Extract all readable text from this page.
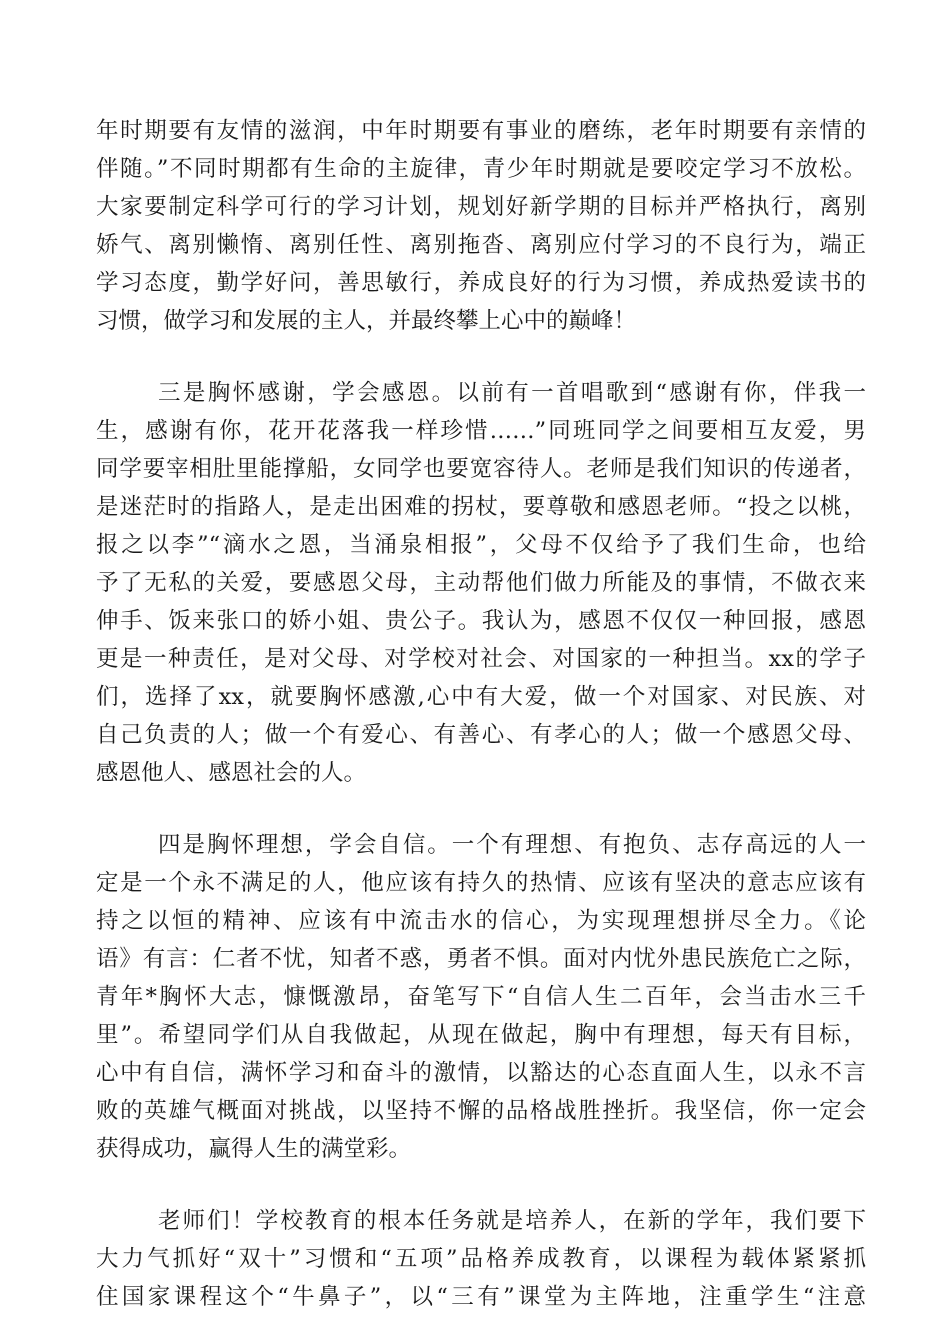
年时期要有友情的滋润，中年时期要有事业的磨练，老年时期要有亲情的
伴随。”不同时期都有生命的主旋律，青少年时期就是要咬定学习不放松。
大家要制定科学可行的学习计划，规划好新学期的目标并严格执行，离别
娇气、离别懒惰、离别任性、离别拖沓、离别应付学习的不良行为，端正
学习态度，勤学好问，善思敏行，养成良好的行为习惯，养成热爱读书的
习惯，做学习和发展的主人，并最终攀上心中的巅峰！
三是胸怀感谢，学会感恩。以前有一首唱歌到“感谢有你，伴我一
生，感谢有你，花开花落我一样珍惜……”同班同学之间要相互友爱，男
同学要宰相肚里能撑船，女同学也要宽容待人。老师是我们知识的传递者，
是迷茫时的指路人，是走出困难的拐杖，要尊敬和感恩老师。“投之以桃，
报之以李”“滴水之恩，当涌泉相报”，父母不仅给予了我们生命，也给
予了无私的关爱，要感恩父母，主动帮他们做力所能及的事情，不做衣来
伸手、饭来张口的娇小姐、贵公子。我认为，感恩不仅仅一种回报，感恩
更是一种责任，是对父母、对学校对社会、对国家的一种担当。xx的学子
们，选择了xx，就要胸怀感激,心中有大爱，做一个对国家、对民族、对
自己负责的人；做一个有爱心、有善心、有孝心的人；做一个感恩父母、
感恩他人、感恩社会的人。
四是胸怀理想，学会自信。一个有理想、有抱负、志存高远的人一
定是一个永不满足的人，他应该有持久的热情、应该有坚决的意志应该有
持之以恒的精神、应该有中流击水的信心，为实现理想拼尽全力。《论
语》有言：仁者不忧，知者不惑，勇者不惧。面对内忧外患民族危亡之际，
青年*胸怀大志，慷慨激昂，奋笔写下“自信人生二百年，会当击水三千
里”。希望同学们从自我做起，从现在做起，胸中有理想，每天有目标，
心中有自信，满怀学习和奋斗的激情，以豁达的心态直面人生，以永不言
败的英雄气概面对挑战，以坚持不懈的品格战胜挫折。我坚信，你一定会
获得成功，赢得人生的满堂彩。
老师们！学校教育的根本任务就是培养人，在新的学年，我们要下
大力气抓好“双十”习惯和“五项”品格养成教育，以课程为载体紧紧抓
住国家课程这个“牛鼻子”，以“三有”课堂为主阵地，注重学生“注意
